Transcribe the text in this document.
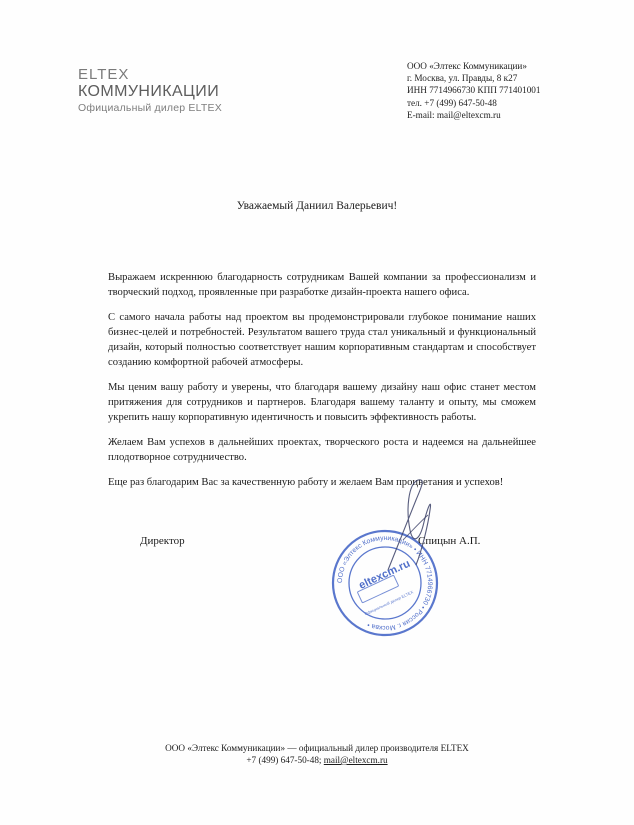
ELTEX
КОММУНИКАЦИИ
Официальный дилер ELTEX
ООО «Элтекс Коммуникации»
г. Москва, ул. Правды, 8 к27
ИНН 7714966730 КПП 771401001
тел. +7 (499) 647-50-48
E-mail: mail@eltexcm.ru
Уважаемый Даниил Валерьевич!

Выражаем искреннюю благодарность сотрудникам Вашей компании за профессионализм и творческий подход, проявленные при разработке дизайн-проекта нашего офиса.

С самого начала работы над проектом вы продемонстрировали глубокое понимание наших бизнес-целей и потребностей. Результатом вашего труда стал уникальный и функциональный дизайн, который полностью соответствует нашим корпоративным стандартам и способствует созданию комфортной рабочей атмосферы.

Мы ценим вашу работу и уверены, что благодаря вашему дизайну наш офис станет местом притяжения для сотрудников и партнеров. Благодаря вашему таланту и опыту, мы сможем укрепить нашу корпоративную идентичность и повысить эффективность работы.

Желаем Вам успехов в дальнейших проектах, творческого роста и надеемся на дальнейшее плодотворное сотрудничество.

Еще раз благодарим Вас за качественную работу и желаем Вам процветания и успехов!

Директор
ООО «Элтекс Коммуникации» • ИНН 7714966730 • Россия г. Москва •
eltexcm.ru
Официальный дилер ELTEX
Спицын А.П.
ООО «Элтекс Коммуникации» — официальный дилер производителя ELTEX
+7 (499) 647-50-48; mail@eltexcm.ru
